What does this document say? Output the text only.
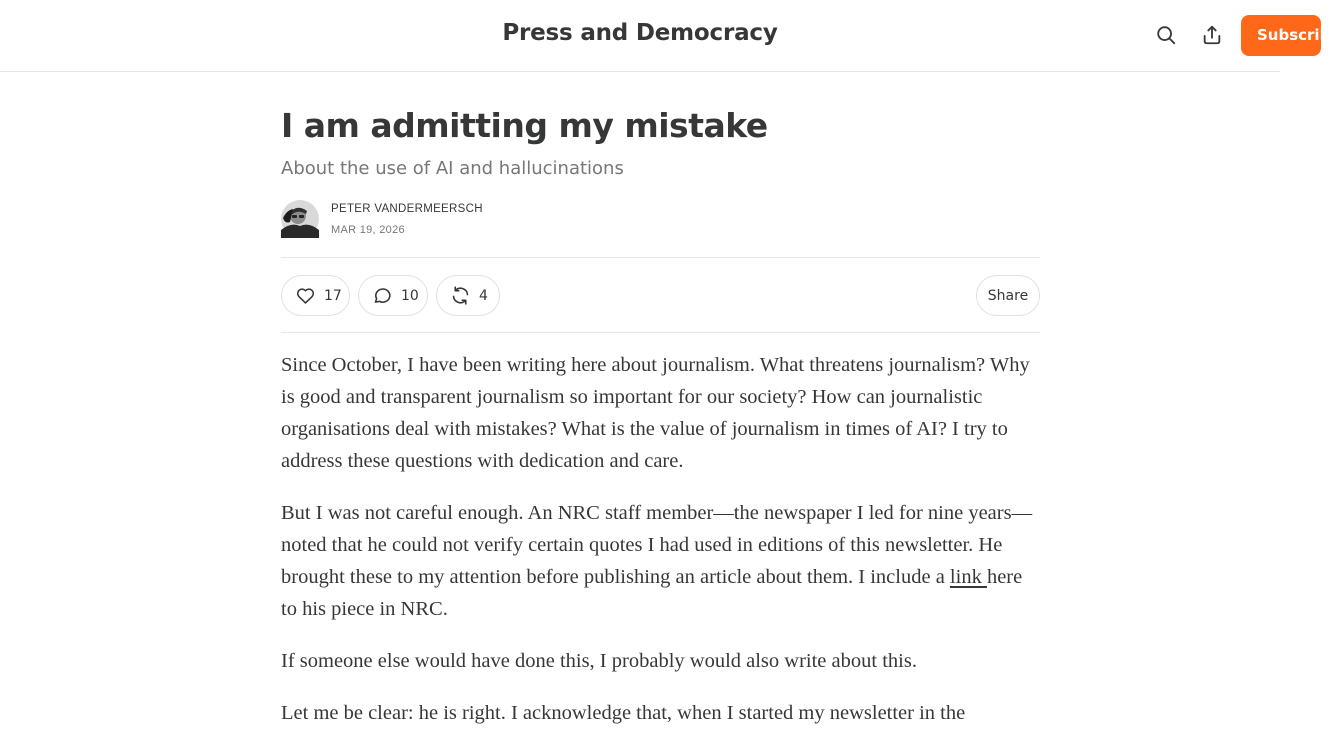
Press and Democracy	Subscribe
I am admitting my mistake
About the use of AI and hallucinations
PETER VANDERMEERSCH
MAR 19, 2026
17	10	4	Share

Since October, I have been writing here about journalism. What threatens journalism? Why is good and transparent journalism so important for our society? How can journalistic organisations deal with mistakes? What is the value of journalism in times of AI? I try to address these questions with dedication and care.

But I was not careful enough. An NRC staff member—the newspaper I led for nine years—noted that he could not verify certain quotes I had used in editions of this newsletter. He brought these to my attention before publishing an article about them. I include a link here to his piece in NRC.

If someone else would have done this, I probably would also write about this.

Let me be clear: he is right. I acknowledge that, when I started my newsletter in the
